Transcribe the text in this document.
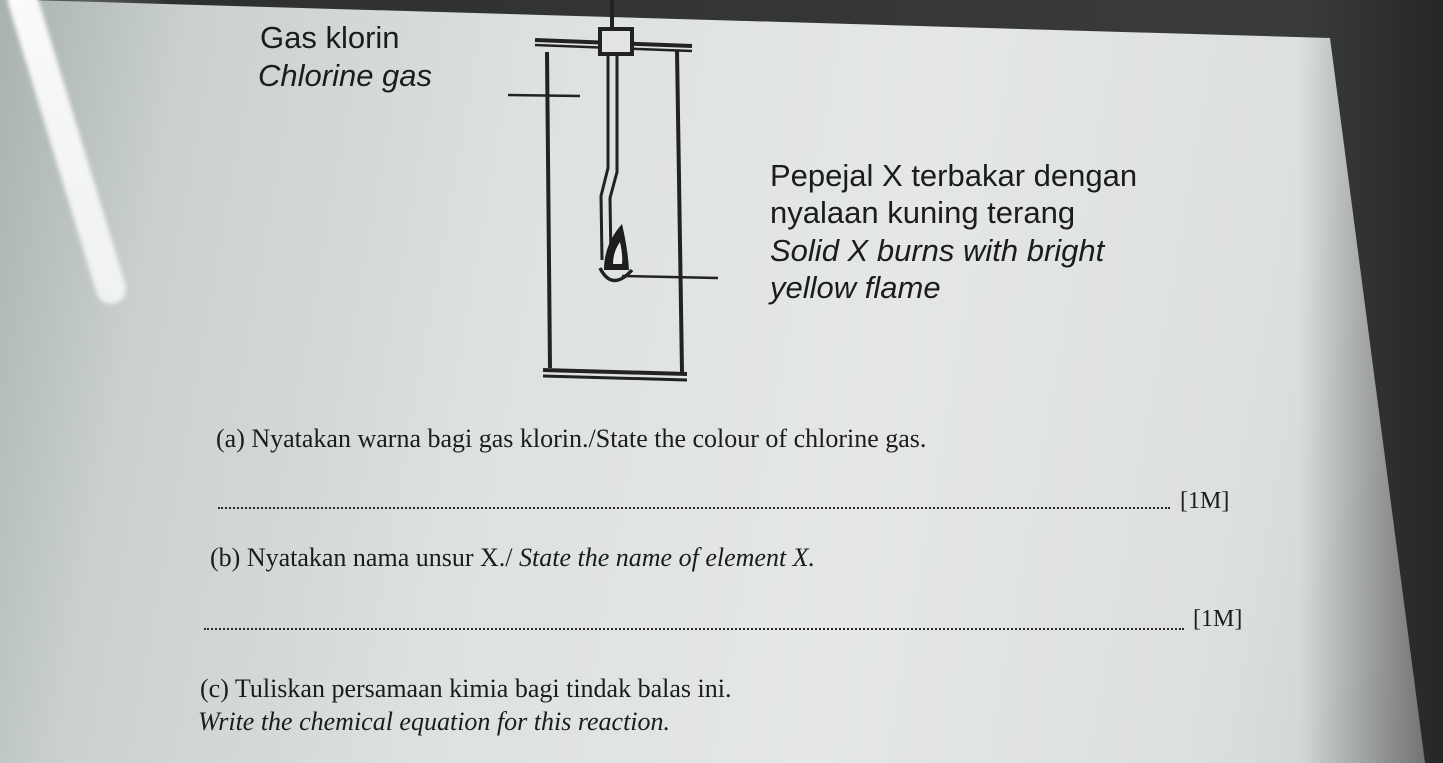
Gas klorin
Chlorine gas
Pepejal X terbakar dengan
nyalaan kuning terang
Solid X burns with bright
yellow flame
(a) Nyatakan warna bagi gas klorin./State the colour of chlorine gas.
[1M]
(b) Nyatakan nama unsur X./ State the name of element X.
[1M]
(c) Tuliskan persamaan kimia bagi tindak balas ini.
Write the chemical equation for this reaction.
